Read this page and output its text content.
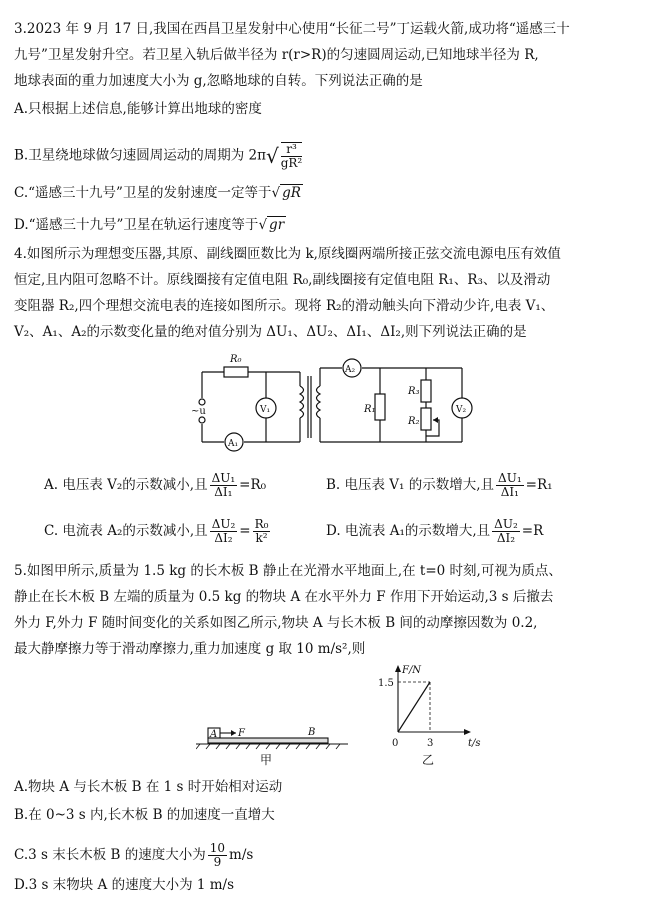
3.2023 年 9 月 17 日,我国在西昌卫星发射中心使用“长征二号”丁运载火箭,成功将“遥感三十
九号”卫星发射升空。若卫星入轨后做半径为 r(r>R)的匀速圆周运动,已知地球半径为 R,
地球表面的重力加速度大小为 g,忽略地球的自转。下列说法正确的是
A.只根据上述信息,能够计算出地球的密度
B.卫星绕地球做匀速圆周运动的周期为 $2\pi√ \frac{\text{r³}}{\text{gR²}}$
C.“遥感三十九号”卫星的发射速度一定等于√ gR
D.“遥感三十九号”卫星在轨运行速度等于√ gr
4.如图所示为理想变压器,其原、副线圈匝数比为 k,原线圈两端所接正弦交流电源电压有效值
恒定,且内阻可忽略不计。原线圈接有定值电阻 R₀,副线圈接有定值电阻 R₁、R₃、以及滑动
变阻器 R₂,四个理想交流电表的连接如图所示。现将 R₂的滑动触头向下滑动少许,电表 V₁、
V₂、A₁、A₂的示数变化量的绝对值分别为 ΔU₁、ΔU₂、ΔI₁、ΔI₂,则下列说法正确的是
R₀
~u
A₁
V₁
A₂
R₁
R₃
R₂
V₂
A. 电压表 V₂的示数减小,且 $\frac{\text{ΔU₁}}{\text{ΔI₁}} =R_0$	B. 电压表 V₁ 的示数增大,且 $\frac{\text{ΔU₁}}{\text{ΔI₁}} =R_1$
C. 电流表 A₂的示数减小,且 $\frac{\text{ΔU₂}}{\text{ΔI₂}} = \frac{\text{R₀}}{\text{k²}}$	D. 电流表 A₁的示数增大,且 $\frac{\text{ΔU₂}}{\text{ΔI₂}} =R$
5.如图甲所示,质量为 1.5 kg 的长木板 B 静止在光滑水平地面上,在 t=0 时刻,可视为质点、
静止在长木板 B 左端的质量为 0.5 kg 的物块 A 在水平外力 F 作用下开始运动,3 s 后撤去
外力 F,外力 F 随时间变化的关系如图乙所示,物块 A 与长木板 B 间的动摩擦因数为 0.2,
最大静摩擦力等于滑动摩擦力,重力加速度 g 取 10 m/s²,则
A F	B
甲
F/N
t/s
1.5
3
0
乙
A.物块 A 与长木板 B 在 1 s 时开始相对运动
B.在 0~3 s 内,长木板 B 的加速度一直增大
C.3 s 末长木板 B 的速度大小为 $\frac{10}{9} m/s$
D.3 s 末物块 A 的速度大小为 1 m/s
